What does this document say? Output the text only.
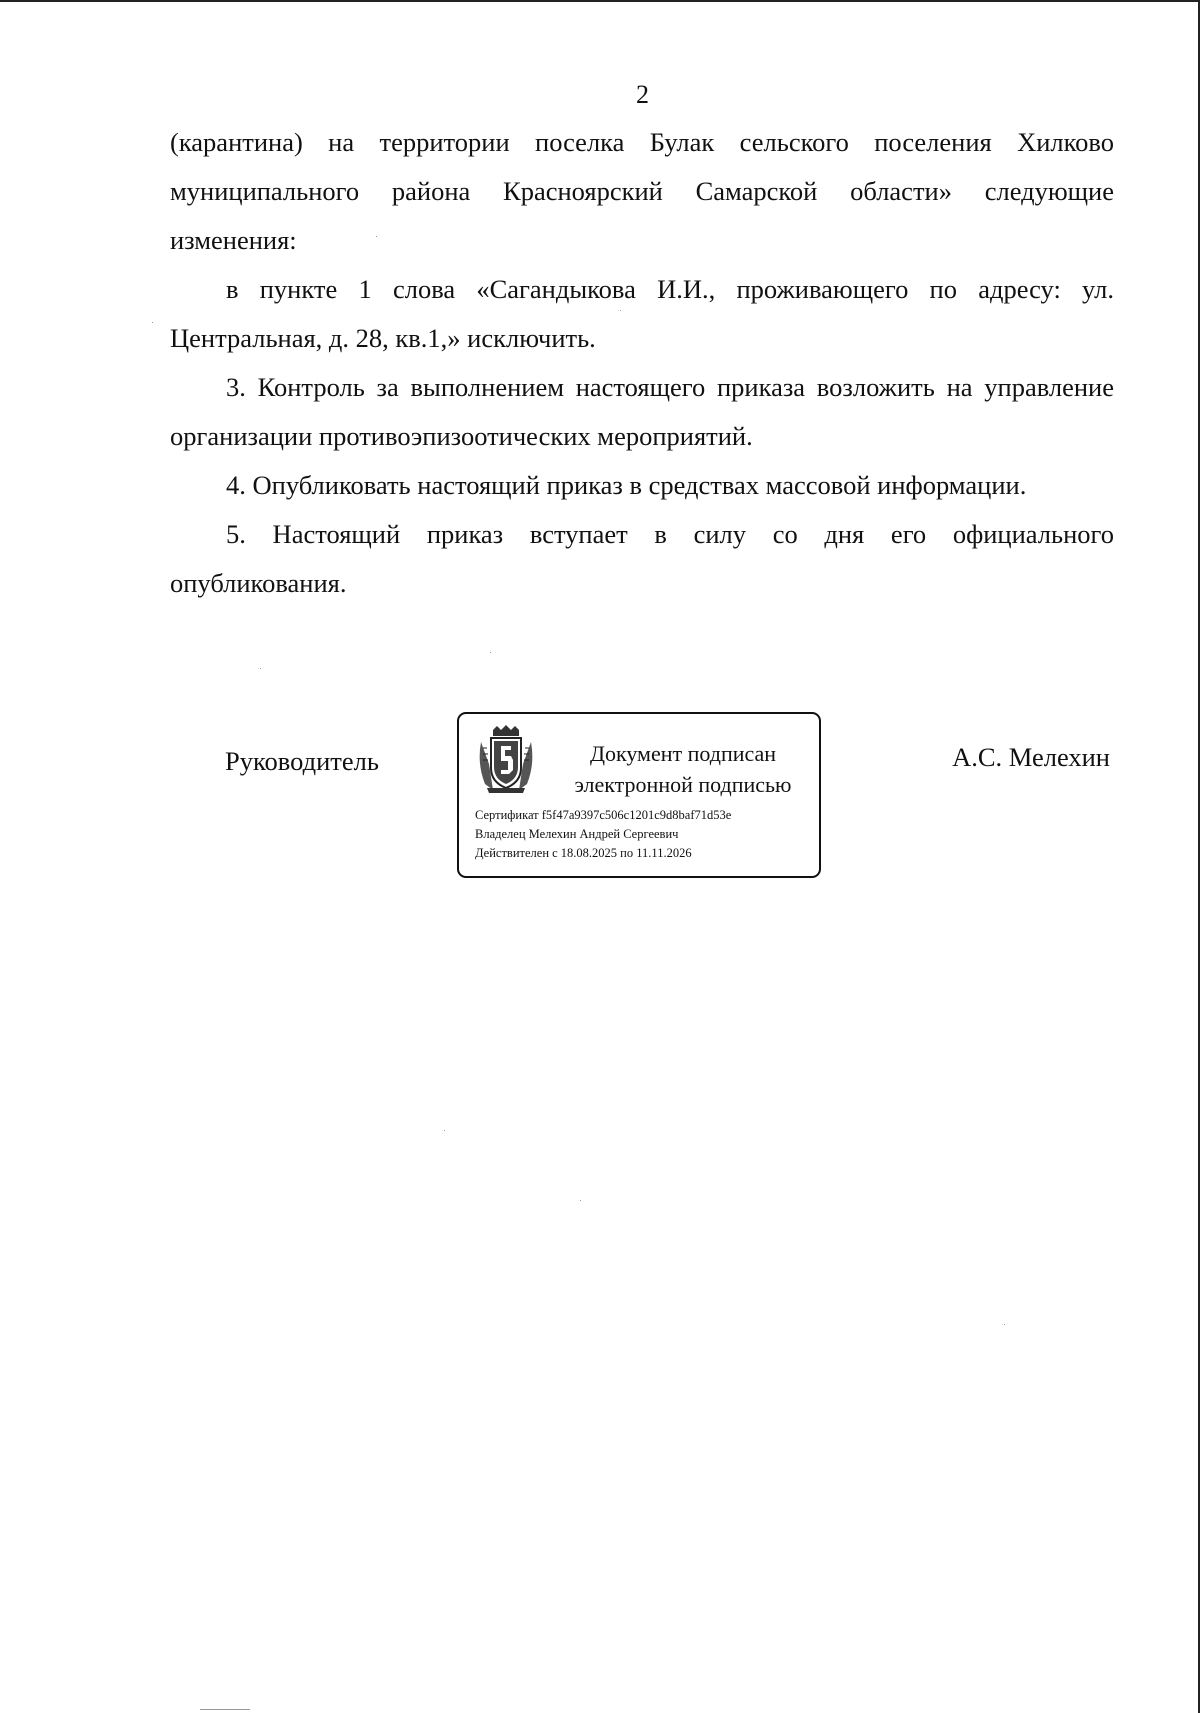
2

(карантина) на территории поселка Булак сельского поселения Хилково муниципального района Красноярский Самарской области» следующие изменения:

в пункте 1 слова «Сагандыкова И.И., проживающего по адресу: ул. Центральная, д. 28, кв.1,» исключить.

3. Контроль за выполнением настоящего приказа возложить на управление организации противоэпизоотических мероприятий.

4. Опубликовать настоящий приказ в средствах массовой информации.

5. Настоящий приказ вступает в силу со дня его официального опубликования.

Руководитель	Документ подписан
электронной подписью
Сертификат f5f47a9397c506c1201c9d8baf71d53e
Владелец Мелехин Андрей Сергеевич
Действителен с 18.08.2025 по 11.11.2026
А.С. Мелехин
